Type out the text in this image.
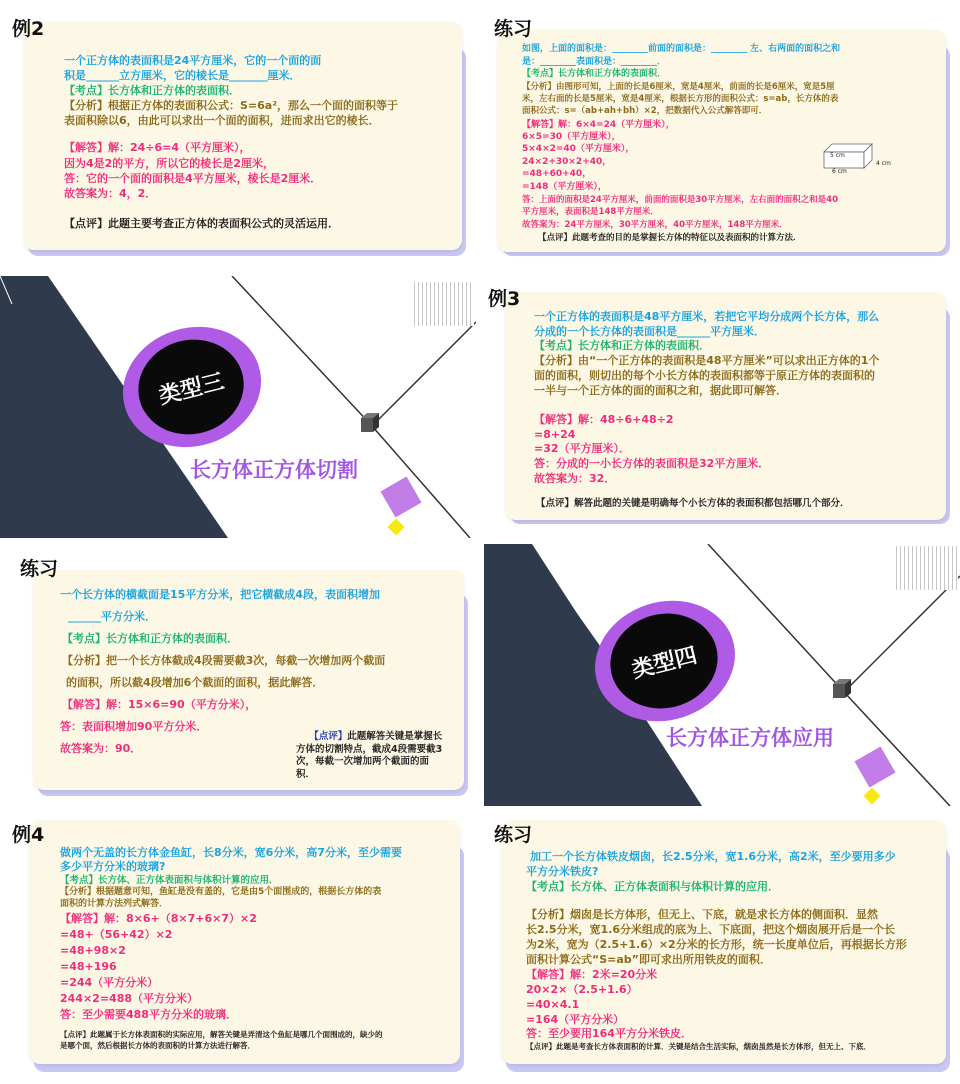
例2
一个正方体的表面积是24平方厘米，它的一个面的面
积是______立方厘米，它的棱长是_______厘米．
【考点】长方体和正方体的表面积．
【分析】根据正方体的表面积公式：S=6a²，那么一个面的面积等于
表面积除以6，由此可以求出一个面的面积，进而求出它的棱长．
【解答】解：24÷6=4（平方厘米），
因为4是2的平方，所以它的棱长是2厘米，
答：它的一个面的面积是4平方厘米，棱长是2厘米．
故答案为：4，2．
【点评】此题主要考查正方体的表面积公式的灵活运用．
练习
如图，上面的面积是：________前面的面积是：________ 左、右两面的面积之和
是：________表面积是：________．
【考点】长方体和正方体的表面积．
【分析】由图形可知，上面的长是6厘米，宽是4厘米，前面的长是6厘米，宽是5厘
米，左右面的长是5厘米，宽是4厘米，根据长方形的面积公式：s=ab，长方体的表
面积公式：s=（ab+ah+bh）×2，把数据代入公式解答即可．
【解答】解：6×4=24（平方厘米），
6×5=30（平方厘米），
5×4×2=40（平方厘米），
24×2+30×2+40，
=48+60+40，
=148（平方厘米），
答：上面的面积是24平方厘米，前面的面积是30平方厘米，左右面的面积之和是40
平方厘米，表面积是148平方厘米．
故答案为：24平方厘米，30平方厘米，40平方厘米，148平方厘米．
【点评】此题考查的目的是掌握长方体的特征以及表面积的计算方法．
5 cm
4 cm
6 cm
类型三
长方体正方体切割
例3
一个正方体的表面积是48平方厘米，若把它平均分成两个长方体，那么
分成的一个长方体的表面积是______平方厘米．
【考点】长方体和正方体的表面积．
【分析】由“一个正方体的表面积是48平方厘米”可以求出正方体的1个
面的面积，则切出的每个小长方体的表面积都等于原正方体的表面积的
一半与一个正方体的面的面积之和，据此即可解答．
【解答】解：48÷6+48÷2
=8+24
=32（平方厘米）．
答：分成的一小长方体的表面积是32平方厘米．
故答案为：32．
【点评】解答此题的关键是明确每个小长方体的表面积都包括哪几个部分．
练习
一个长方体的横截面是15平方分米，把它横截成4段，表面积增加
______平方分米．
【考点】长方体和正方体的表面积．
【分析】把一个长方体截成4段需要截3次，每截一次增加两个截面
的面积，所以截4段增加6个截面的面积，据此解答．
【解答】解：15×6=90（平方分米），
答：表面积增加90平方分米．
故答案为：90．

【点评】此题解答关键是掌握长方体的切割特点，截成4段需要截3次，每截一次增加两个截面的面积．

类型四
长方体正方体应用
例4
做两个无盖的长方体金鱼缸，长8分米，宽6分米，高7分米，至少需要
多少平方分米的玻璃?
【考点】长方体、正方体表面积与体积计算的应用．
【分析】根据题意可知，鱼缸是没有盖的，它是由5个面围成的，根据长方体的表
面积的计算方法列式解答．
【解答】解：8×6+（8×7+6×7）×2
=48+（56+42）×2
=48+98×2
=48+196
=244（平方分米）
244×2=488（平方分米）
答：至少需要488平方分米的玻璃．
【点评】此题属于长方体表面积的实际应用，解答关键是弄清这个鱼缸是哪几个面围成的，缺少的
是哪个面，然后根据长方体的表面积的计算方法进行解答．
练习
加工一个长方体铁皮烟囱，长2.5分米，宽1.6分米，高2米，至少要用多少
平方分米铁皮?
【考点】长方体、正方体表面积与体积计算的应用．
【分析】烟囱是长方体形，但无上、下底，就是求长方体的侧面积．显然
长2.5分米，宽1.6分米组成的底为上、下底面，把这个烟囱展开后是一个长
为2米，宽为（2.5+1.6）×2分米的长方形，统一长度单位后，再根据长方形
面积计算公式“S=ab”即可求出所用铁皮的面积．
【解答】解：2米=20分米
20×2×（2.5+1.6）
=40×4.1
=164（平方分米）
答：至少要用164平方分米铁皮．
【点评】此题是考查长方体表面积的计算．关键是结合生活实际，烟囱虽然是长方体形，但无上、下底．
